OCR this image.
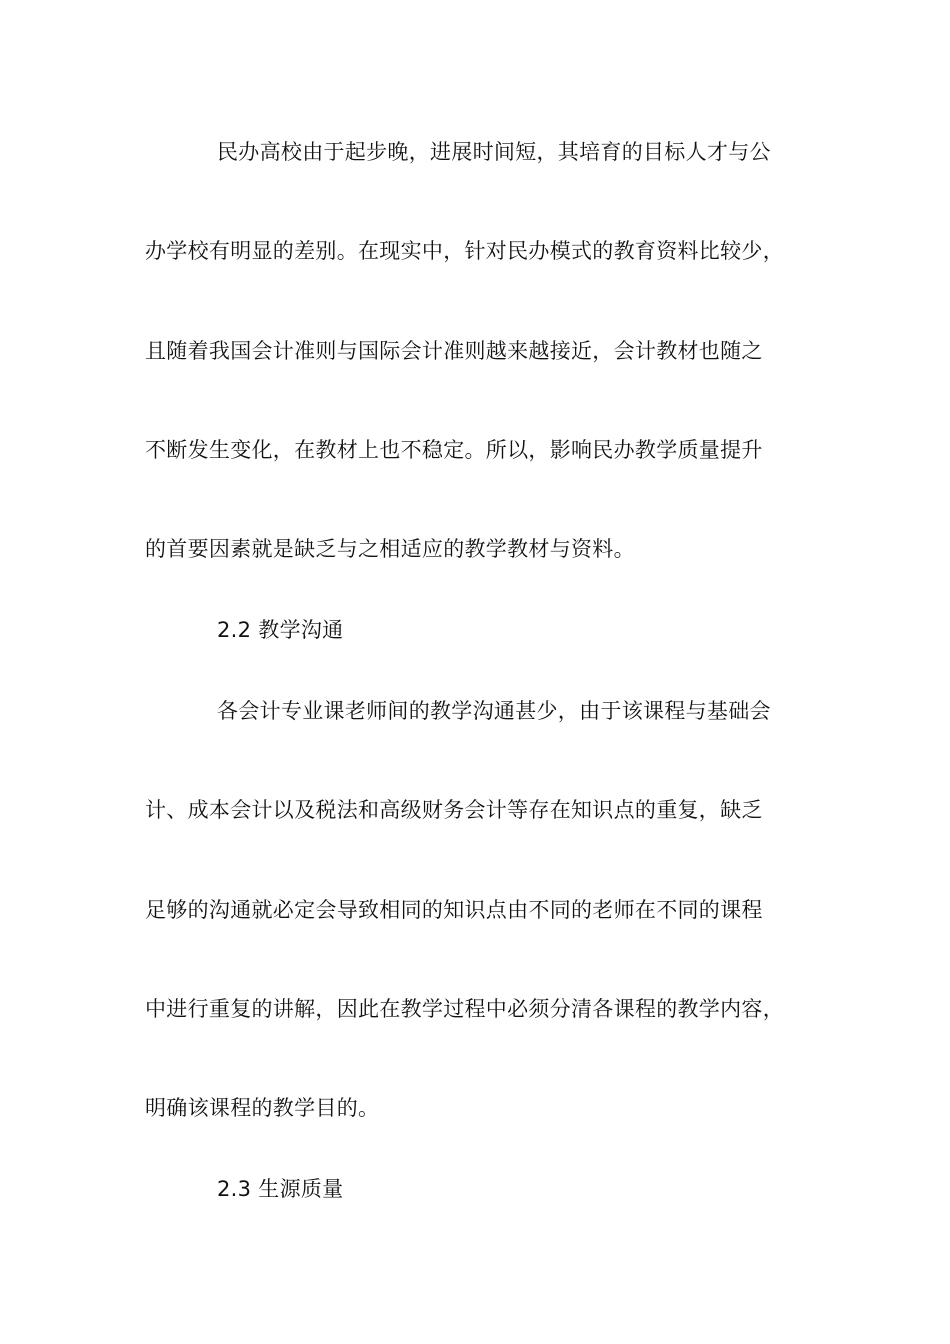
民办高校由于起步晚，进展时间短，其培育的目标人才与公
办学校有明显的差别。在现实中，针对民办模式的教育资料比较少，
且随着我国会计准则与国际会计准则越来越接近，会计教材也随之
不断发生变化，在教材上也不稳定。所以，影响民办教学质量提升
的首要因素就是缺乏与之相适应的教学教材与资料。
2.2 教学沟通
各会计专业课老师间的教学沟通甚少，由于该课程与基础会
计、成本会计以及税法和高级财务会计等存在知识点的重复，缺乏
足够的沟通就必定会导致相同的知识点由不同的老师在不同的课程
中进行重复的讲解，因此在教学过程中必须分清各课程的教学内容，
明确该课程的教学目的。
2.3 生源质量
